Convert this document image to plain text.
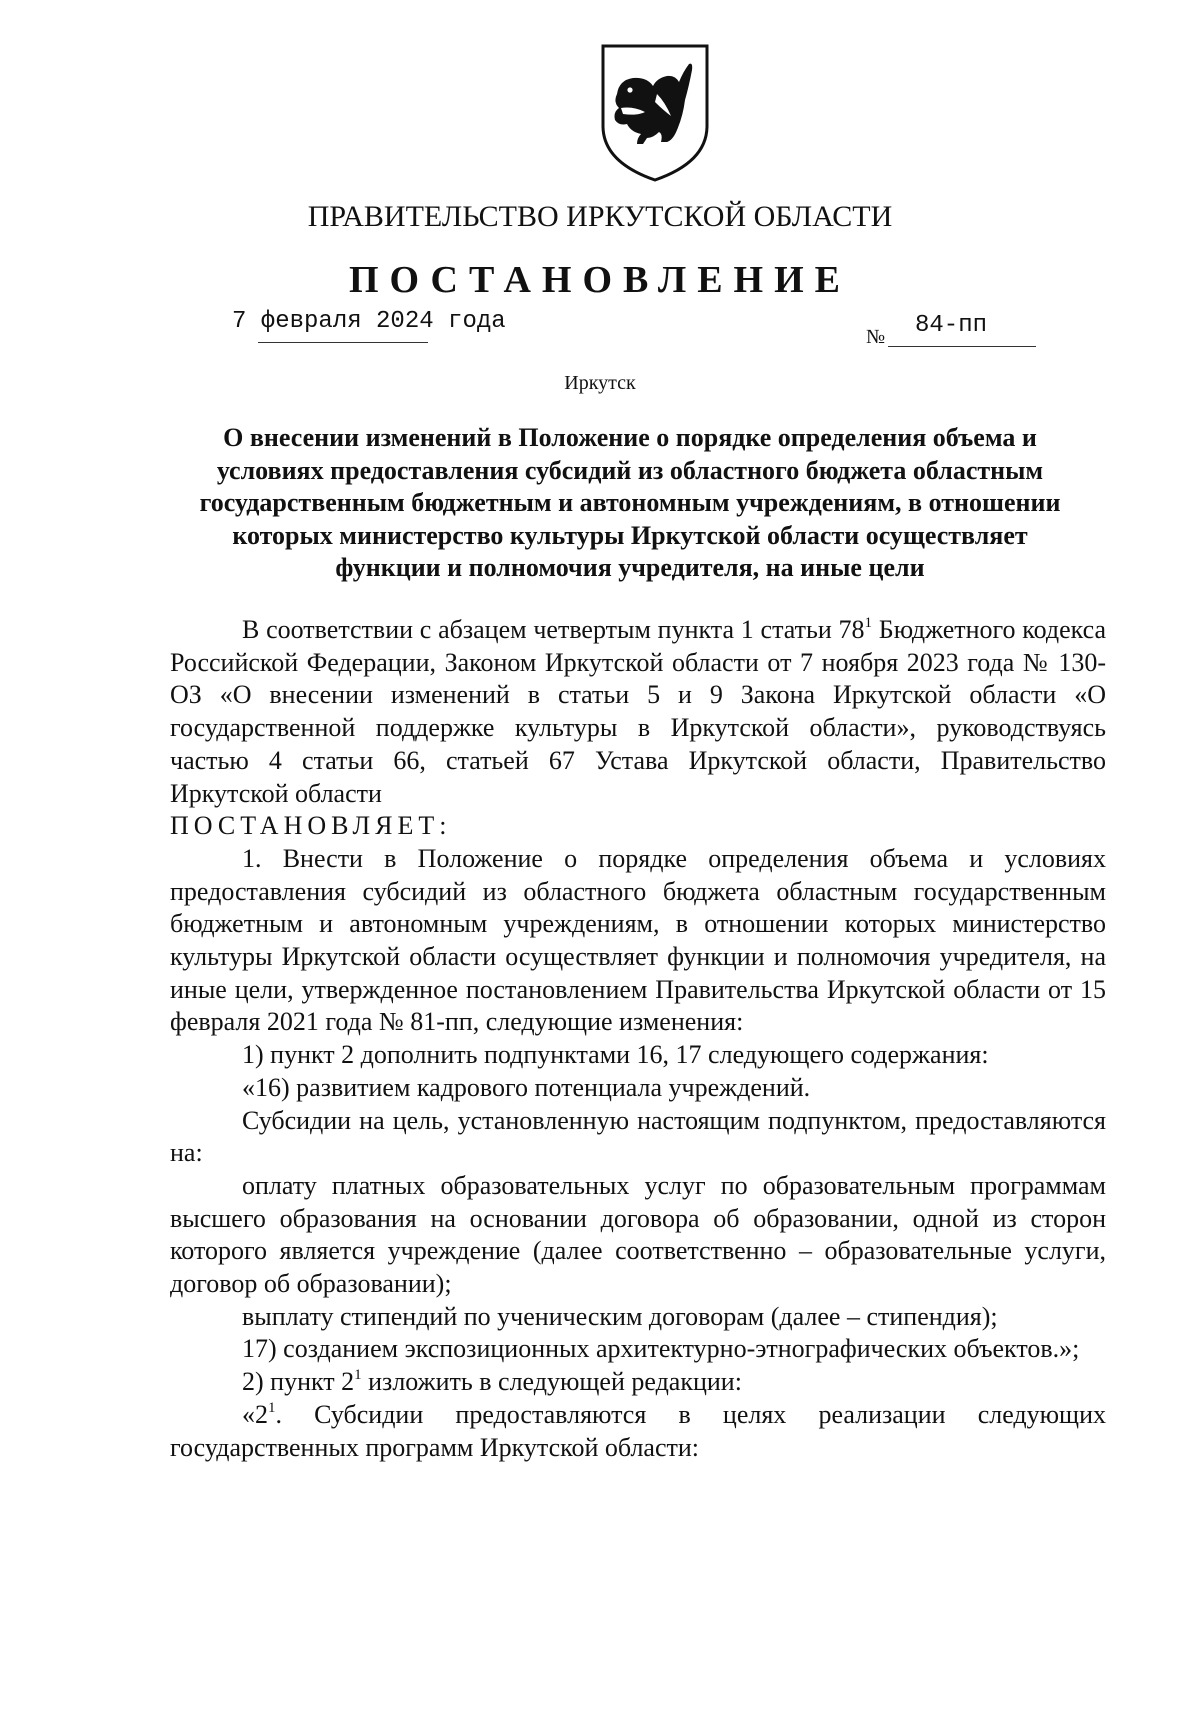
ПРАВИТЕЛЬСТВО ИРКУТСКОЙ ОБЛАСТИ
ПОСТАНОВЛЕНИЕ
7 февраля 2024 года
№ 84-пп
Иркутск
О внесении изменений в Положение о порядке определения объема и
условиях предоставления субсидий из областного бюджета областным
государственным бюджетным и автономным учреждениям, в отношении
которых министерство культуры Иркутской области осуществляет
функции и полномочия учредителя, на иные цели

В соответствии с абзацем четвертым пункта 1 статьи $78^1$ Бюджетного кодекса Российской Федерации, Законом Иркутской области от 7 ноября 2023 года № 130-ОЗ «О внесении изменений в статьи 5 и 9 Закона Иркутской области «О государственной поддержке культуры в Иркутской области», руководствуясь частью 4 статьи 66, статьей 67 Устава Иркутской области, Правительство Иркутской области

ПОСТАНОВЛЯЕТ:

1. Внести в Положение о порядке определения объема и условиях предоставления субсидий из областного бюджета областным государственным бюджетным и автономным учреждениям, в отношении которых министерство культуры Иркутской области осуществляет функции и полномочия учредителя, на иные цели, утвержденное постановлением Правительства Иркутской области от 15 февраля 2021 года № 81-пп, следующие изменения:

1) пункт 2 дополнить подпунктами 16, 17 следующего содержания:

«16) развитием кадрового потенциала учреждений.

Субсидии на цель, установленную настоящим подпунктом, предоставляются на:

оплату платных образовательных услуг по образовательным программам высшего образования на основании договора об образовании, одной из сторон которого является учреждение (далее соответственно – образовательные услуги, договор об образовании);

выплату стипендий по ученическим договорам (далее – стипендия);

17) созданием экспозиционных архитектурно-этнографических объектов.»;

2) пункт $2^1$ изложить в следующей редакции:

«$2^1$. Субсидии предоставляются в целях реализации следующих государственных программ Иркутской области:
